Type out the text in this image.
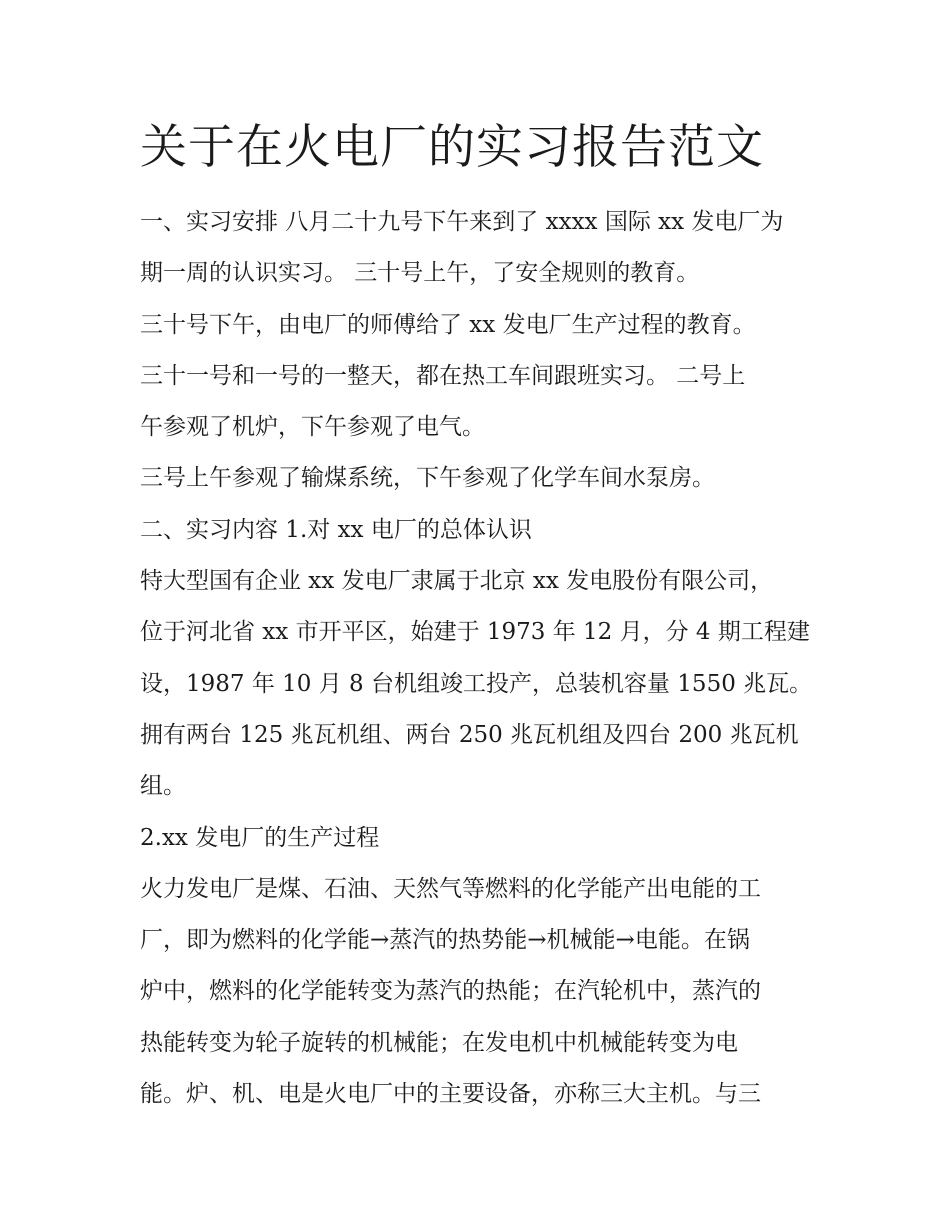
关于在火电厂的实习报告范文
一、实习安排 八月二十九号下午来到了 xxxx 国际 xx 发电厂为
期一周的认识实习。 三十号上午，了安全规则的教育。
三十号下午，由电厂的师傅给了 xx 发电厂生产过程的教育。
三十一号和一号的一整天，都在热工车间跟班实习。 二号上
午参观了机炉，下午参观了电气。
三号上午参观了输煤系统，下午参观了化学车间水泵房。
二、实习内容 1.对 xx 电厂的总体认识
特大型国有企业 xx 发电厂隶属于北京 xx 发电股份有限公司，
位于河北省 xx 市开平区，始建于 1973 年 12 月，分 4 期工程建
设，1987 年 10 月 8 台机组竣工投产，总装机容量 1550 兆瓦。
拥有两台 125 兆瓦机组、两台 250 兆瓦机组及四台 200 兆瓦机
组。
2.xx 发电厂的生产过程
火力发电厂是煤、石油、天然气等燃料的化学能产出电能的工
厂，即为燃料的化学能→蒸汽的热势能→机械能→电能。在锅
炉中，燃料的化学能转变为蒸汽的热能；在汽轮机中，蒸汽的
热能转变为轮子旋转的机械能；在发电机中机械能转变为电
能。炉、机、电是火电厂中的主要设备，亦称三大主机。与三
